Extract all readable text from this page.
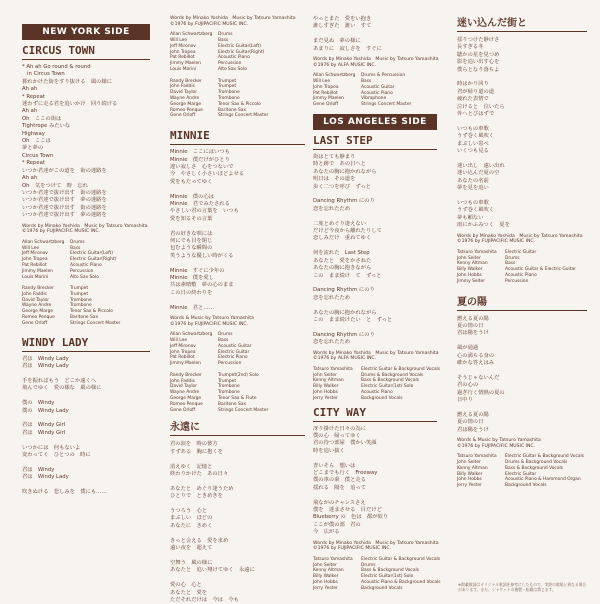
NEW YORK SIDE
CIRCUS TOWN
* Ah ah Go round & round
in Circus Town
暮れかけた街をすり抜ける　風の様に
Ah ah
* Repeat
迷わずに走る君を追いかけ　回り続ける
Ah ah
Oh　ここの街は
Tightrope みたいな
Highway
Oh　ここは
夢と夢の
Circus Town
* Repeat
いつか君達がこの道を　街の迷路を
Ah ah
Oh　気をつけて　時　忘れ
いつか君達で抜け出す　街の迷路を
いつか君達で抜け出す　夢の迷路を
いつか君達で抜け出す　街の迷路を
いつか君達で抜け出す　夢の迷路を
Words by Minako Yoshida　Music by Tatsuro Yamashita
©1976 by FUJIPACIFIC MUSIC INC.
Allan Schwartzberg Drums
Will Lee	Bass
Jeff Mironov	Electric Guitar(Left)
John Tropea	Electric Guitar(Right)
Pat Rebillot	Acoustic Piano
Jimmy Maelen	Percussion
Louis Marini	Alto Sax Solo

Randy Brecker	Trumpet
John Faddis	Trumpet
David Taylor	Trombone
Wayne Andre	Trombone
George Marge	Tenor Sax & Piccolo
Romeo Penque	Baritone Sax
Gene Orloff	Strings Concert Master
WINDY LADY
君は　Windy Lady
君は　Windy Lady

手を振ればもう　どこか遠くへ
飛んでゆく　愛の様な　風の様に

僕の　Windy
僕の　Windy Lady

君は　Windy Girl
君は　Windy Girl

いつかには　何もないよ
変わってく　ひとつの　時に

君は　Windy
君は　Windy Lady

吹きぬける　悲しみを　僕にも……
Words by Minako Yoshida　Music by Tatsuro Yamashita
©1976 by FUJIPACIFIC MUSIC INC.
Allan Schwartzberg Drums
Will Lee	Bass
Jeff Mironov	Electric Guitar(Left)
John Tropea	Electric Guitar(Right)
Pat Rebillot	Acoustic Piano
Jimmy Maelen	Percussion
Louis Marini	Alto Sax Solo

Randy Brecker	Trumpet
John Faddis	Trumpet
David Taylor	Trombone
Wayne Andre	Trombone
George Marge	Tenor Sax & Piccolo
Romeo Penque	Baritone Sax
Gene Orloff	Strings Concert Master
MINNIE
Minnie　ここにはいつも
Minnie　僕だけがひとり
違い寂しさ　心をつないで
今　やさしく小さいほどよせる
愛をもたってゆく

Minnie　僕の心は
Minnie　君でみたされる
やさしい君の言葉を　いつも
愛を知るその言葉

君の好きな唄には
何にでも目を閉じ
包むような瞬間の
笑うような優しい時がくる

Minnie　すぐに少年の
Minnie　僕を愛し
共は素晴敷　夢の心のまま
この日の終わりを

Minnie　君と……
Words & Music by Tatsuro Yamashita
©1976 by FUJIPACIFIC MUSIC INC.
Allan Schwartzberg Drums
Will Lee	Bass
Jeff Mironov	Acoustic Guitar
John Tropea	Electric Guitar
Pat Rebillot	Electric Piano
Jimmy Maelen	Percussion

Randy Brecker	Trumpet(2nd) Solo
John Faddis	Trumpet
David Taylor	Trombone
Wayne Andre	Trombone
George Marge	Tenor Sax & Flute
Romeo Penque	Baritone Sax
Gene Orloff	Strings Concert Master
永遠に
君の涙を　時の彼方
すずある　胸に抱くを

消えゆく　記憶と
終わりかけた　あの日々

あなたと　めぐり逢うため
ひとりで　ときめきを

うつろう　心と
まぶしい　ほどの
あなたに　きめく

きっと会える　愛を求め
遠い夜を　超えて

空舞う　風の様に
あなたと　追い翔けてゆく　永遠に

愛の心　心と
あなたと　愛を
ただそれだけは　今は　今も
やっとまた　愛をい抱き
誰しすぎた　誰い　すて

まだ見ぬ　夢の様に
あまりに　寂しさを　すぐに
Words by Minako Yoshida　Music by Tatsuro Yamashita
©1976 by ALFA MUSIC INC.
Allan Schwartzberg Drums & Percussion
Will Lee	Bass
John Tropea	Acoustic Guitar
Pat Rebillot	Acoustic Piano
Jimmy Maelen	Vibraphone
Gene Orloff	Strings Concert Master
LOS ANGELES SIDE
LAST STEP
街はとても静まり
時と跡で　あの日へと
あなたの胸に抱かれながら
明日は　その道を
歩く二つを呼び　ずっと

Dancing Rhythm にのり
恋を忘れたため

二度とめぐり逢えない
だけど今夜から離れたりして
恋しみだけ　重ねてゆく

何を流れた　Last Step
あなたと　愛をかさねた
あなたの胸に抱きながら
この　まま続け　て　ずっと

Dancing Rhythm にのり
恋を忘れたため

あなたの胸に抱かれながら
この　まま続けたい　と　ずっと

Dancing Rhythm にのり
恋を忘れたため
Words by Minako Yoshida　Music by Tatsuro Yamashita
©1976 by ALFA MUSIC INC.
Tatsuro Yamashita Electric Guitar & Background Vocals
John Seiter	Drums & Background Vocals
Kenny Altman	Bass & Background Vocals
Billy Walker	Electric Guitar(1st) Solo
John Hobbs	Acoustic Piano
Jerry Yester	Background Vocals
CITY WAY
冴り掛けた日々の為に
僕の心　帰ってゆく
君の待つ部屋　僕かい笑顔
時を追い抜く

青いそら　想いは
どこまでも行く　Freeway
僕の車の乗　僕と走る
揺れる　陽を　追って

飛ながのチャンスさえ
僕を　迷まさせる　目だけど
Blueberry の　色は　都が似り
ここが僕の部　君の
今　広がる
Words by Minako Yoshida　Music by Tatsuro Yamashita
©1976 by FUJIPACIFIC MUSIC INC.
Tatsuro Yamashita Electric Guitar & Background Vocals
John Seiter	Drums
Kenny Altman	Bass & Background Vocals
Billy Walker	Electric Guitar(1st) Solo
John Hobbs	Acoustic Piano & Background Vocals
Jerry Yester	Background Vocals
迷い込んだ街と
揺りつけた静けさ
長すぎる冬
聴かの星を見つめ
影を追い出す心を
僕らとなり落ちよ

時はかり回り
君が帰り道の道
疲れた表情で
泣けると　泣いたら
外へとびはずで

いつもの車歌
うず巻く風吹く
まぶしい窓べ
いくつも見る

迷い出し　遠い出れ
迷い込んだ夏の空
あなたの名前
夢を見を追い

いつもの車歌
うず巻く風吹く
夢も頼ない
雨にかふみつく　夏を
Words by Minako Yoshida　Music by Tatsuro Yamashita
©1976 by FUJIPACIFIC MUSIC INC.
Tatsuro Yamashita Electric Guitar
John Seiter	Drums
Kenny Altman	Bass
Billy Walker	Acoustic Guitar & Electric Guitar
John Hobbs	Acoustic Piano
Jimmy Seiter	Percussion
夏の陽
燃える夏の陽
夏の情の日
君は陽をうけ

風が通過
心の満ちる身の
確かな答えはみ

そうじゃないんだ
君の心の
過ぎ行く情熱の夏の
日中り

燃える夏の陽
夏の情の日
君は陽をうけ
Words & Music by Tatsuro Yamashita
©1976 by FUJIPACIFIC MUSIC INC.
Tatsuro Yamashita Electric Guitar & Background Vocals
John Seiter	Drums & Background Vocals
Kenny Altman	Bass & Background Vocals
Billy Walker	Electric Guitar
John Hobbs	Acoustic Piano & Hammond Organ
Jerry Yester	Background Vocals
※掲載歌詞はオリジナル歌詞を参考にしたもので、実際の歌唱と異なる場合があります。また、ジャケットの複製・転載は禁じます。
